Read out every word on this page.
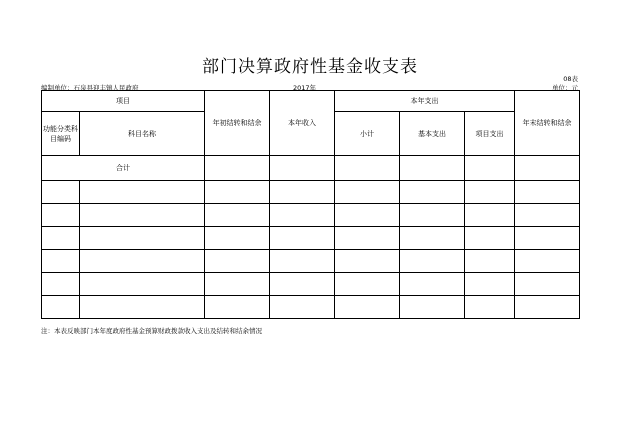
部门决算政府性基金收支表
08表
编制单位：石泉县迎丰镇人民政府	2017年	单位：元
项目		年初结转和结余	本年收入	本年支出			年末结转和结余
功能分类科目编码	科目名称			小计	基本支出	项目支出	
合计							

注：本表反映部门本年度政府性基金预算财政拨款收入支出及结转和结余情况
